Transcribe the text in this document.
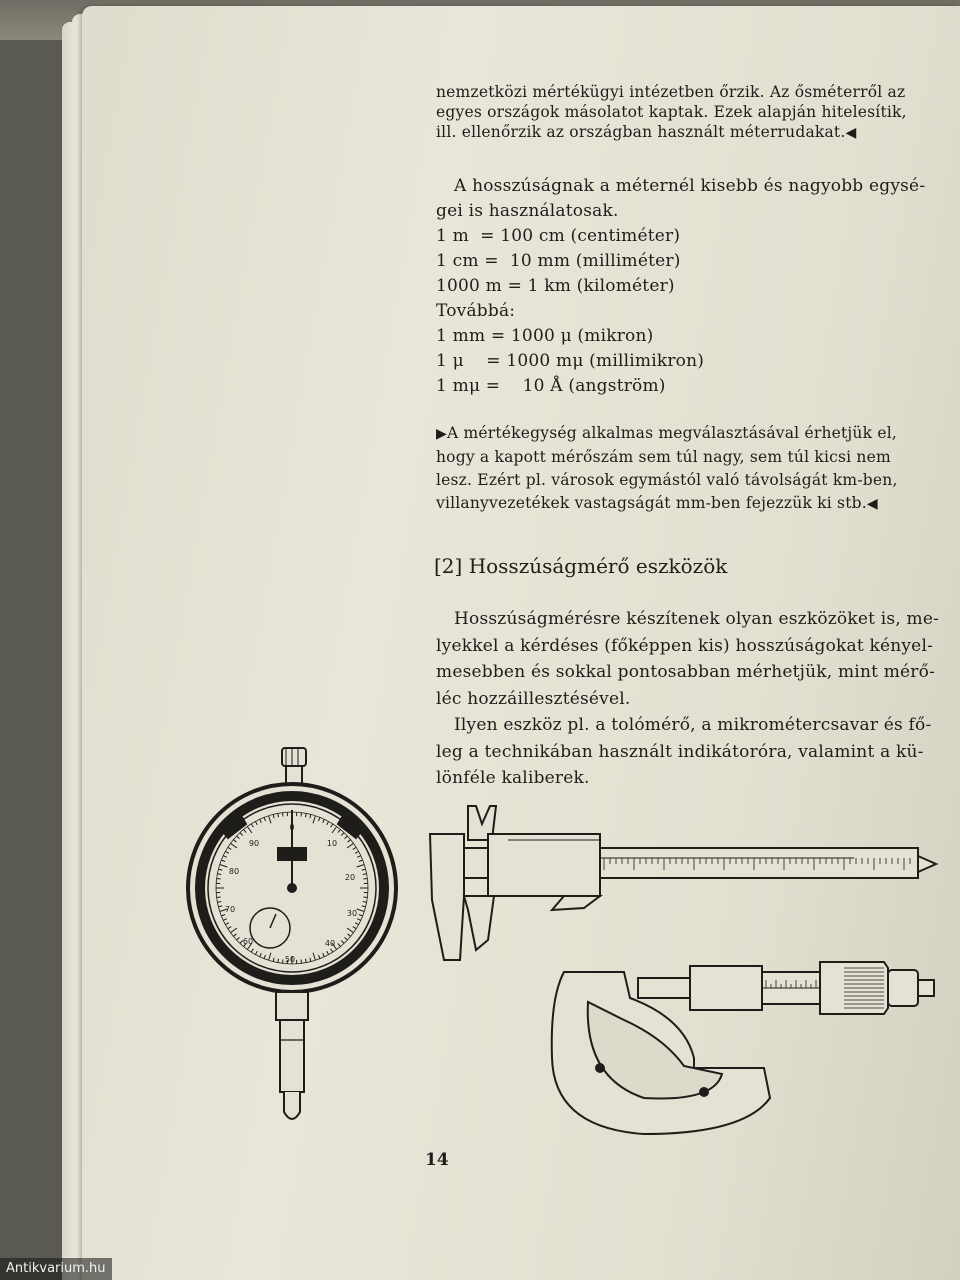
nemzetközi mértékügyi intézetben őrzik. Az ősméterről az
egyes országok másolatot kaptak. Ezek alapján hitelesítik,
ill. ellenőrzik az országban használt méterrudakat.◀
A hosszúságnak a méternél kisebb és nagyobb egysé-
gei is használatosak.
1 m  = 100 cm (centiméter)
1 cm =  10 mm (milliméter)
1000 m = 1 km (kilométer)
Továbbá:
1 mm = 1000 μ (mikron)
1 μ    = 1000 mμ (millimikron)
1 mμ =    10 Å (angström)
▶A mértékegység alkalmas megválasztásával érhetjük el,
hogy a kapott mérőszám sem túl nagy, sem túl kicsi nem
lesz. Ezért pl. városok egymástól való távolságát km-ben,
villanyvezetékek vastagságát mm-ben fejezzük ki stb.◀
[2] Hosszúságmérő eszközök
Hosszúságmérésre készítenek olyan eszközöket is, me-
lyekkel a kérdéses (főképpen kis) hosszúságokat kényel-
mesebben és sokkal pontosabban mérhetjük, mint mérő-
léc hozzáillesztésével.
Ilyen eszköz pl. a tolómérő, a mikrométercsavar és fő-
leg a technikában használt indikátoróra, valamint a kü-
lönféle kaliberek.
90
0
10
80
20
70	30
60	40
50
14
Antikvarium.hu
